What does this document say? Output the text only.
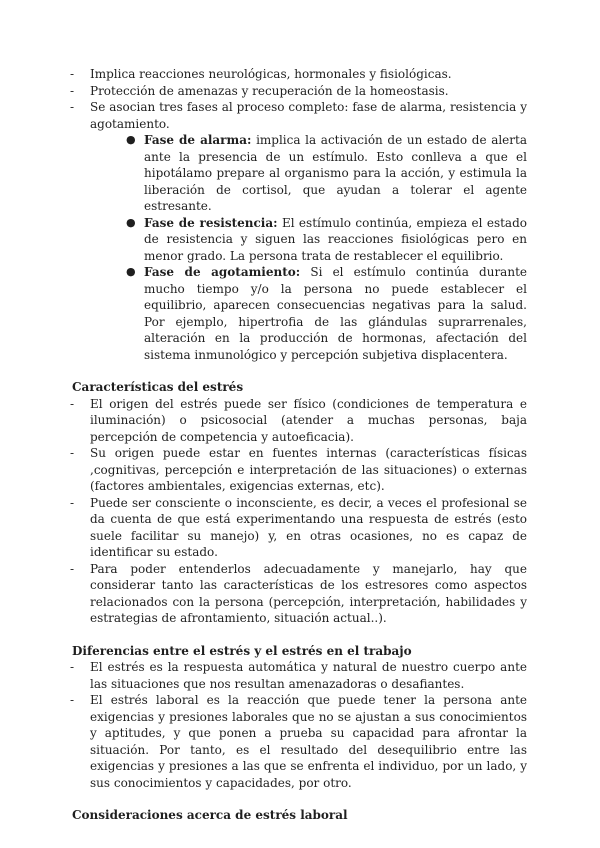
- Implica reacciones neurológicas, hormonales y fisiológicas.
- Protección de amenazas y recuperación de la homeostasis.
- Se asocian tres fases al proceso completo: fase de alarma, resistencia y agotamiento.
● Fase de alarma: implica la activación de un estado de alerta ante la presencia de un estímulo. Esto conlleva a que el hipotálamo prepare al organismo para la acción, y estimula la liberación de cortisol, que ayudan a tolerar el agente estresante.
● Fase de resistencia: El estímulo continúa, empieza el estado de resistencia y siguen las reacciones fisiológicas pero en menor grado. La persona trata de restablecer el equilibrio.
● Fase de agotamiento: Si el estímulo continúa durante mucho tiempo y/o la persona no puede establecer el equilibrio, aparecen consecuencias negativas para la salud. Por ejemplo, hipertrofia de las glándulas suprarrenales, alteración en la producción de hormonas, afectación del sistema inmunológico y percepción subjetiva displacentera.
Características del estrés
- El origen del estrés puede ser físico (condiciones de temperatura e iluminación) o psicosocial (atender a muchas personas, baja percepción de competencia y autoeficacia).
- Su origen puede estar en fuentes internas (características físicas ,cognitivas, percepción e interpretación de las situaciones) o externas (factores ambientales, exigencias externas, etc).
- Puede ser consciente o inconsciente, es decir, a veces el profesional se da cuenta de que está experimentando una respuesta de estrés (esto suele facilitar su manejo) y, en otras ocasiones, no es capaz de identificar su estado.
- Para poder entenderlos adecuadamente y manejarlo, hay que considerar tanto las características de los estresores como aspectos relacionados con la persona (percepción, interpretación, habilidades y estrategias de afrontamiento, situación actual..).
Diferencias entre el estrés y el estrés en el trabajo
- El estrés es la respuesta automática y natural de nuestro cuerpo ante las situaciones que nos resultan amenazadoras o desafiantes.
- El estrés laboral es la reacción que puede tener la persona ante exigencias y presiones laborales que no se ajustan a sus conocimientos y aptitudes, y que ponen a prueba su capacidad para afrontar la situación. Por tanto, es el resultado del desequilibrio entre las exigencias y presiones a las que se enfrenta el individuo, por un lado, y sus conocimientos y capacidades, por otro.
Consideraciones acerca de estrés laboral
